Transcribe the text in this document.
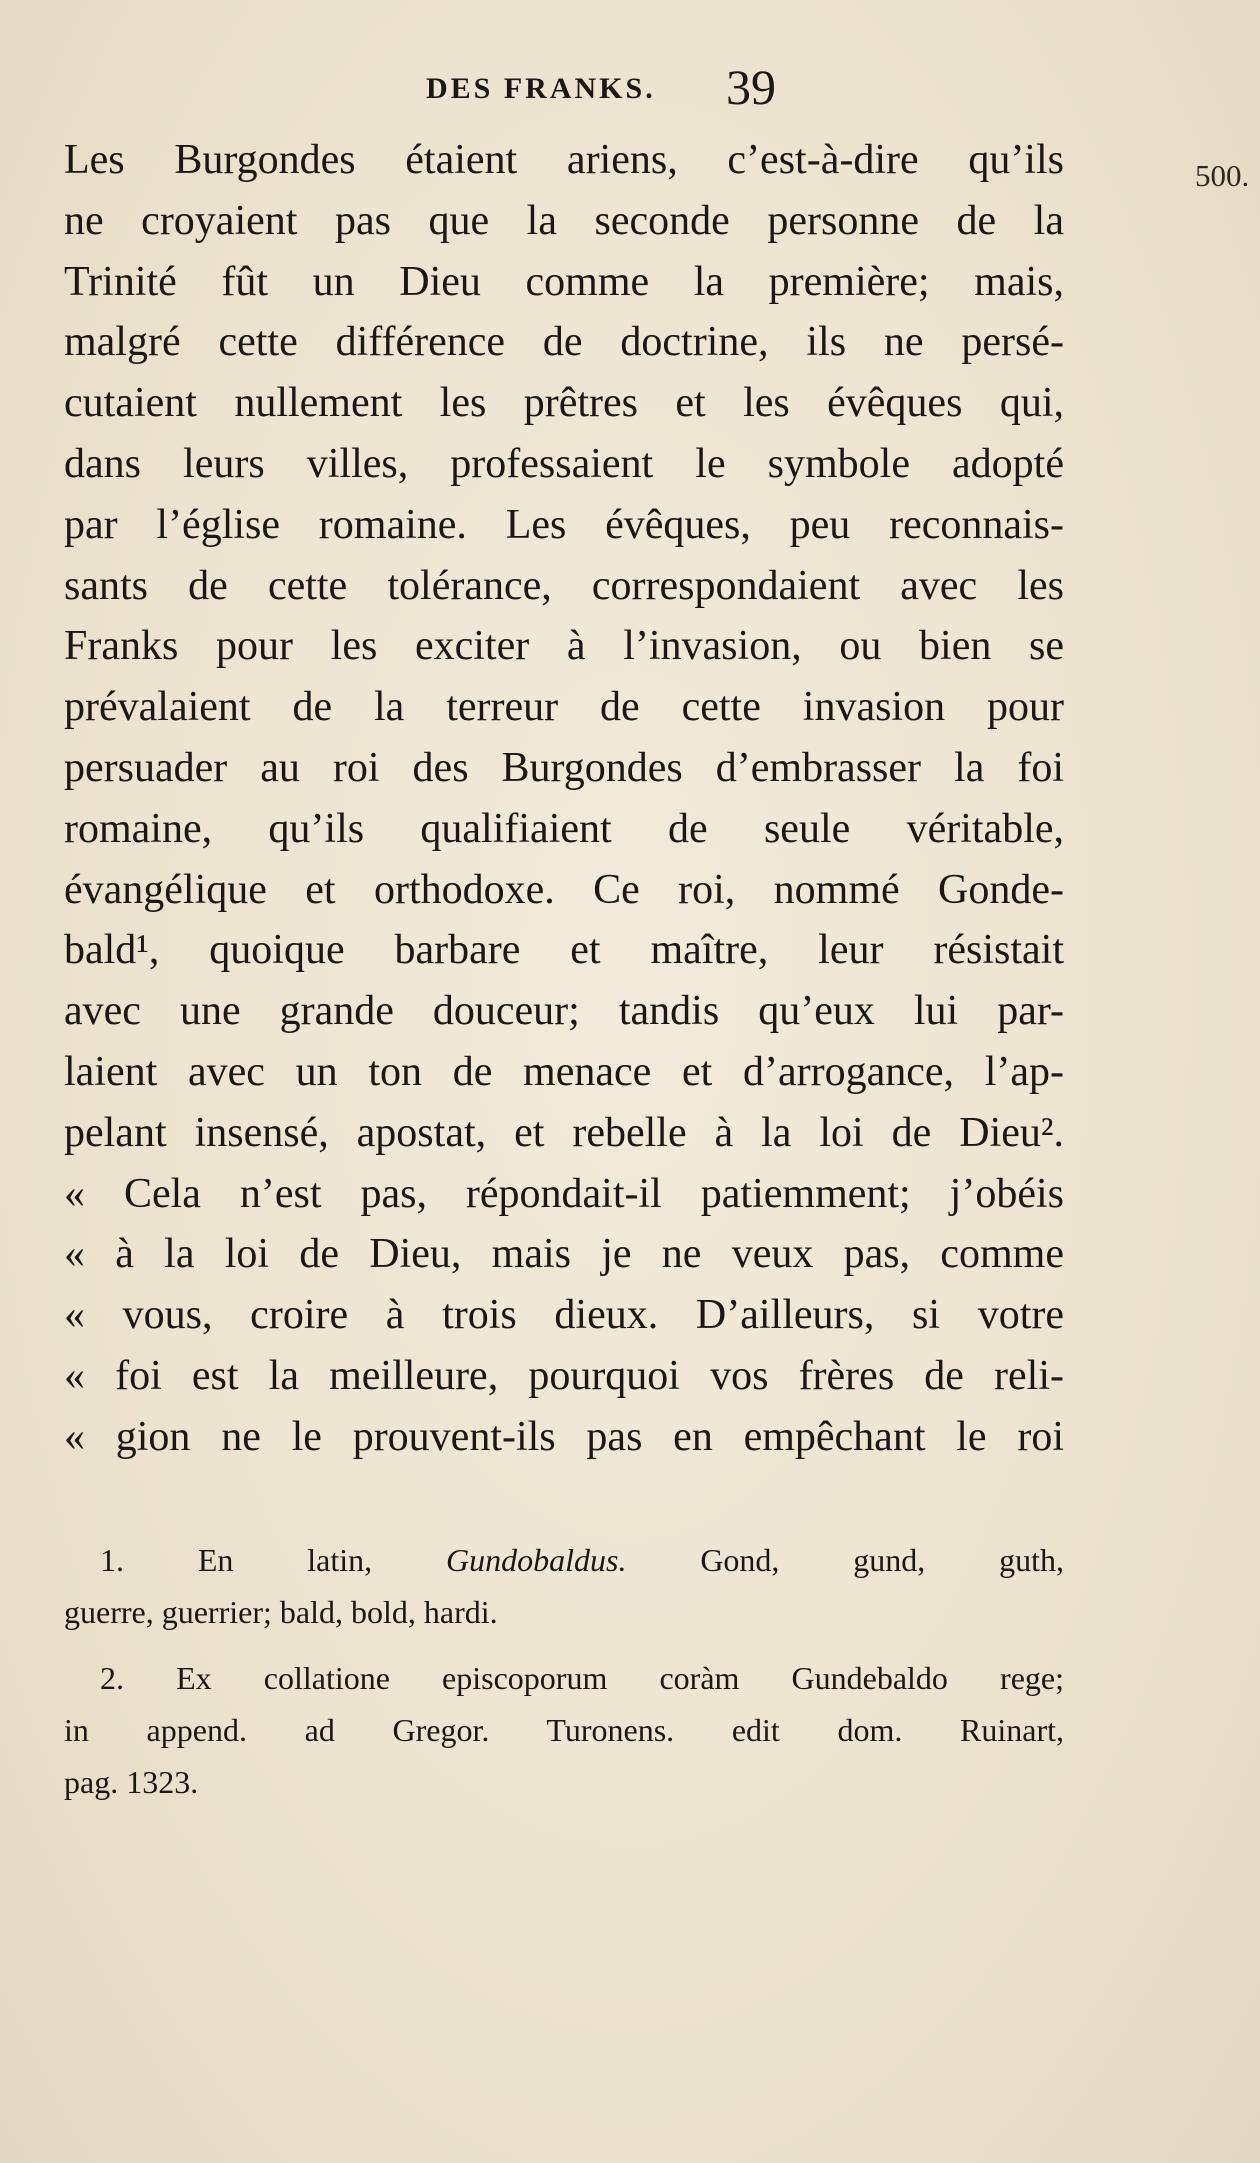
DES FRANKS. 39
500.
Les Burgondes étaient ariens, c’est-à-dire qu’ils
ne croyaient pas que la seconde personne de la
Trinité fût un Dieu comme la première; mais,
malgré cette différence de doctrine, ils ne persé-
cutaient nullement les prêtres et les évêques qui,
dans leurs villes, professaient le symbole adopté
par l’église romaine. Les évêques, peu reconnais-
sants de cette tolérance, correspondaient avec les
Franks pour les exciter à l’invasion, ou bien se
prévalaient de la terreur de cette invasion pour
persuader au roi des Burgondes d’embrasser la foi
romaine, qu’ils qualifiaient de seule véritable,
évangélique et orthodoxe. Ce roi, nommé Gonde-
bald¹, quoique barbare et maître, leur résistait
avec une grande douceur; tandis qu’eux lui par-
laient avec un ton de menace et d’arrogance, l’ap-
pelant insensé, apostat, et rebelle à la loi de Dieu².
« Cela n’est pas, répondait-il patiemment; j’obéis
« à la loi de Dieu, mais je ne veux pas, comme
« vous, croire à trois dieux. D’ailleurs, si votre
« foi est la meilleure, pourquoi vos frères de reli-
« gion ne le prouvent-ils pas en empêchant le roi
1. En latin, Gundobaldus. Gond, gund, guth,
guerre, guerrier; bald, bold, hardi.
2. Ex collatione episcoporum coràm Gundebaldo rege;
in append. ad Gregor. Turonens. edit dom. Ruinart,
pag. 1323.
